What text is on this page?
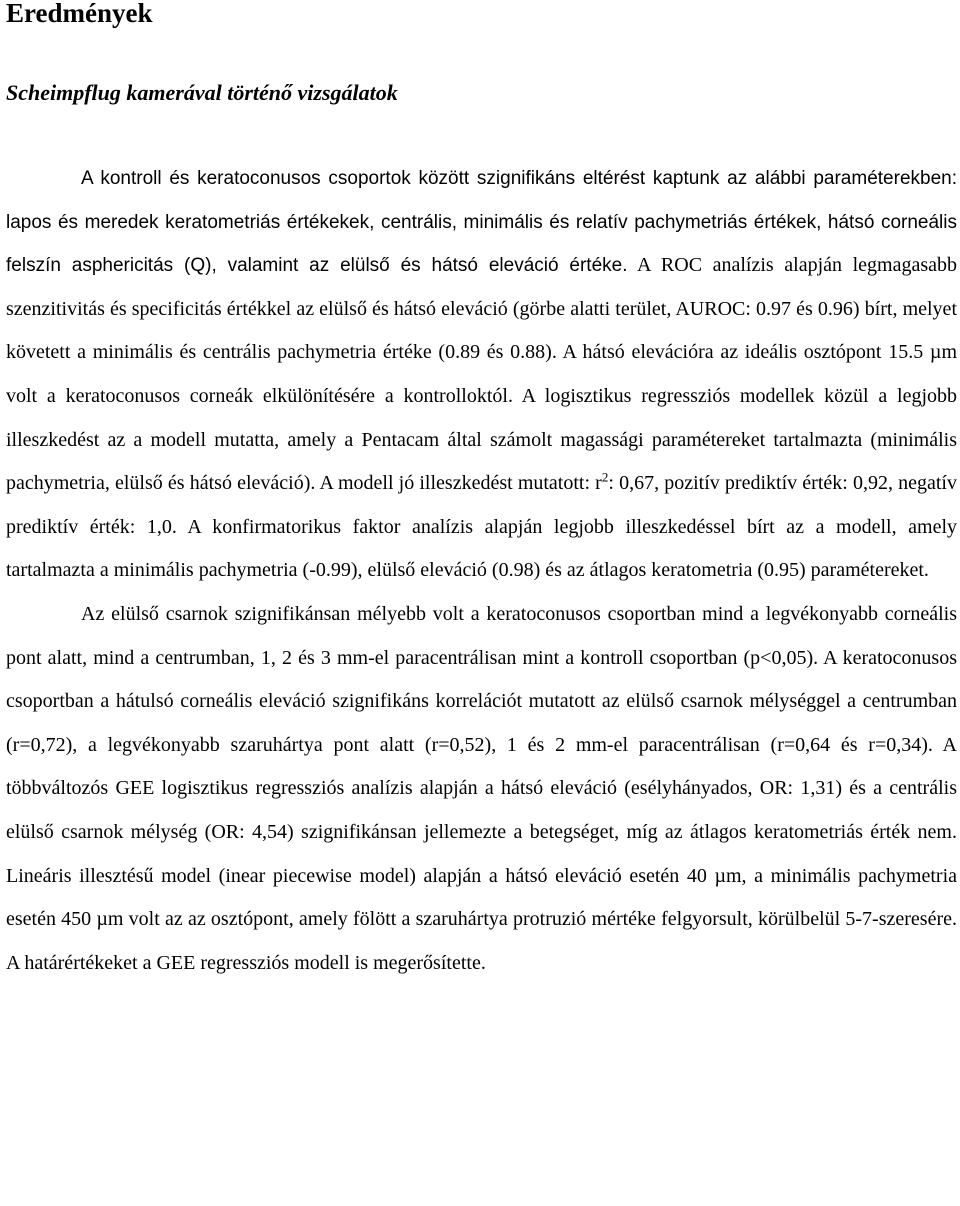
Eredmények
Scheimpflug kamerával történő vizsgálatok

A kontroll és keratoconusos csoportok között szignifikáns eltérést kaptunk az alábbi paraméterekben: lapos és meredek keratometriás értékekek, centrális, minimális és relatív pachymetriás értékek, hátsó corneális felszín asphericitás (Q), valamint az elülső és hátsó eleváció értéke. A ROC analízis alapján legmagasabb szenzitivitás és specificitás értékkel az elülső és hátsó eleváció (görbe alatti terület, AUROC: 0.97 és 0.96) bírt, melyet követett a minimális és centrális pachymetria értéke (0.89 és 0.88). A hátsó elevációra az ideális osztópont 15.5 µm volt a keratoconusos corneák elkülönítésére a kontrolloktól. A logisztikus regressziós modellek közül a legjobb illeszkedést az a modell mutatta, amely a Pentacam által számolt magassági paramétereket tartalmazta (minimális pachymetria, elülső és hátsó eleváció). A modell jó illeszkedést mutatott: $r^2$: 0,67, pozitív prediktív érték: 0,92, negatív prediktív érték: 1,0. A konfirmatorikus faktor analízis alapján legjobb illeszkedéssel bírt az a modell, amely tartalmazta a minimális pachymetria (-0.99), elülső eleváció (0.98) és az átlagos keratometria (0.95) paramétereket.

Az elülső csarnok szignifikánsan mélyebb volt a keratoconusos csoportban mind a legvékonyabb corneális pont alatt, mind a centrumban, 1, 2 és 3 mm-el paracentrálisan mint a kontroll csoportban (p<0,05). A keratoconusos csoportban a hátulsó corneális eleváció szignifikáns korrelációt mutatott az elülső csarnok mélységgel a centrumban (r=0,72), a legvékonyabb szaruhártya pont alatt (r=0,52), 1 és 2 mm-el paracentrálisan (r=0,64 és r=0,34). A többváltozós GEE logisztikus regressziós analízis alapján a hátsó eleváció (esélyhányados, OR: 1,31) és a centrális elülső csarnok mélység (OR: 4,54) szignifikánsan jellemezte a betegséget, míg az átlagos keratometriás érték nem. Lineáris illesztésű model (inear piecewise model) alapján a hátsó eleváció esetén 40 µm, a minimális pachymetria esetén 450 µm volt az az osztópont, amely fölött a szaruhártya protruzió mértéke felgyorsult, körülbelül 5-7-szeresére. A határértékeket a GEE regressziós modell is megerősítette.
